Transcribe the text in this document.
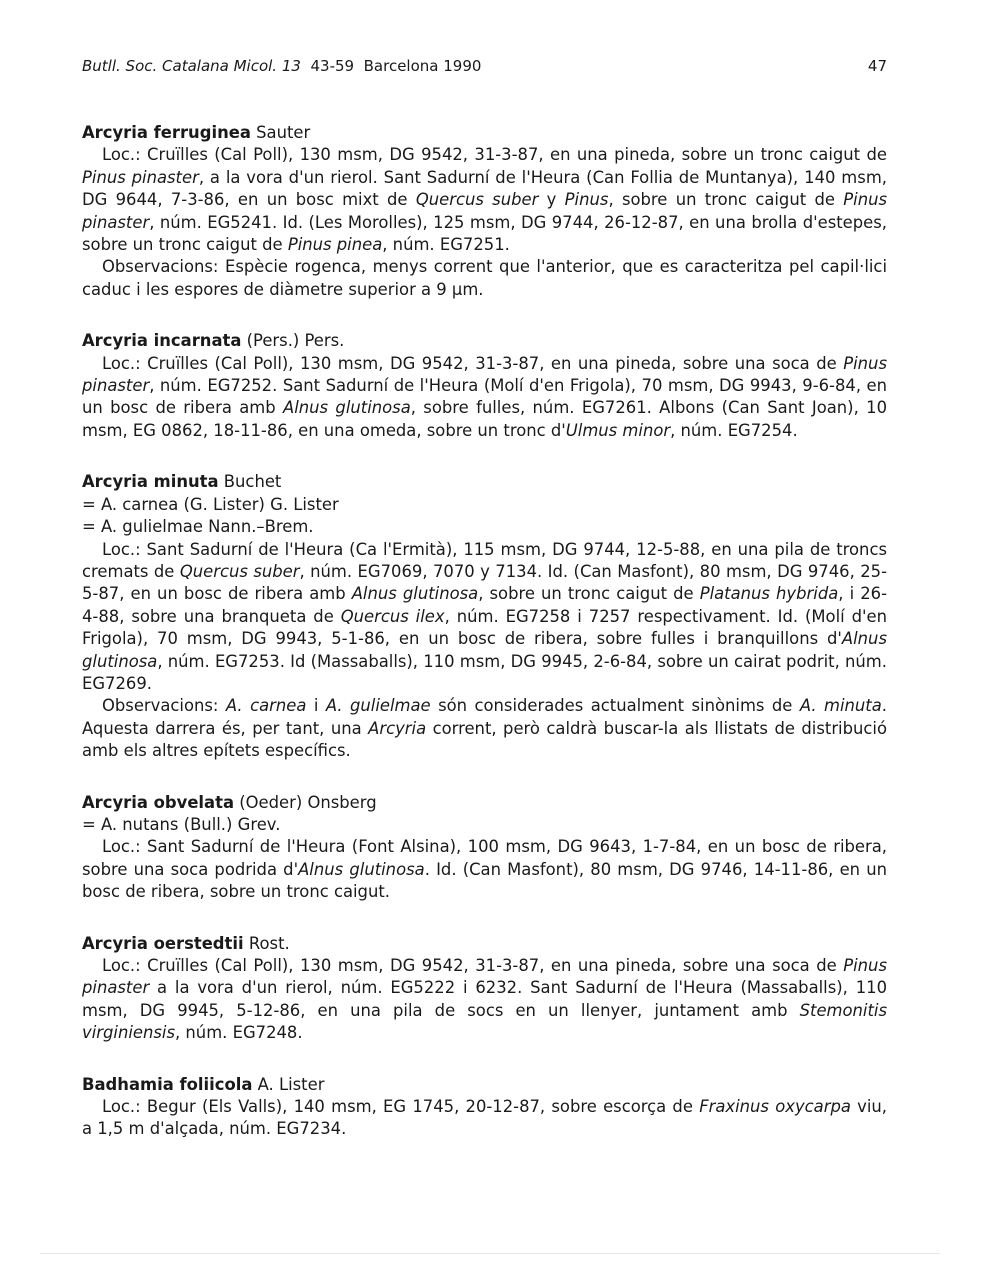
Butll. Soc. Catalana Micol. 13 43-59 Barcelona 1990	47

Arcyria ferruginea Sauter

Loc.: Cruïlles (Cal Poll), 130 msm, DG 9542, 31-3-87, en una pineda, sobre un tronc caigut de Pinus pinaster, a la vora d'un rierol. Sant Sadurní de l'Heura (Can Follia de Muntanya), 140 msm, DG 9644, 7-3-86, en un bosc mixt de Quercus suber y Pinus, sobre un tronc caigut de Pinus pinaster, núm. EG5241. Id. (Les Morolles), 125 msm, DG 9744, 26-12-87, en una brolla d'estepes, sobre un tronc caigut de Pinus pinea, núm. EG7251.

Observacions: Espècie rogenca, menys corrent que l'anterior, que es caracteritza pel capil·lici caduc i les espores de diàmetre superior a 9 μm.

Arcyria incarnata (Pers.) Pers.

Loc.: Cruïlles (Cal Poll), 130 msm, DG 9542, 31-3-87, en una pineda, sobre una soca de Pinus pinaster, núm. EG7252. Sant Sadurní de l'Heura (Molí d'en Frigola), 70 msm, DG 9943, 9-6-84, en un bosc de ribera amb Alnus glutinosa, sobre fulles, núm. EG7261. Albons (Can Sant Joan), 10 msm, EG 0862, 18-11-86, en una omeda, sobre un tronc d'Ulmus minor, núm. EG7254.

Arcyria minuta Buchet

= A. carnea (G. Lister) G. Lister

= A. gulielmae Nann.–Brem.

Loc.: Sant Sadurní de l'Heura (Ca l'Ermità), 115 msm, DG 9744, 12-5-88, en una pila de troncs cremats de Quercus suber, núm. EG7069, 7070 y 7134. Id. (Can Masfont), 80 msm, DG 9746, 25-5-87, en un bosc de ribera amb Alnus glutinosa, sobre un tronc caigut de Platanus hybrida, i 26-4-88, sobre una branqueta de Quercus ilex, núm. EG7258 i 7257 respectivament. Id. (Molí d'en Frigola), 70 msm, DG 9943, 5-1-86, en un bosc de ribera, sobre fulles i branquillons d'Alnus glutinosa, núm. EG7253. Id (Massaballs), 110 msm, DG 9945, 2-6-84, sobre un cairat podrit, núm. EG7269.

Observacions: A. carnea i A. gulielmae són considerades actualment sinònims de A. minuta. Aquesta darrera és, per tant, una Arcyria corrent, però caldrà buscar-la als llistats de distribució amb els altres epítets específics.

Arcyria obvelata (Oeder) Onsberg

= A. nutans (Bull.) Grev.

Loc.: Sant Sadurní de l'Heura (Font Alsina), 100 msm, DG 9643, 1-7-84, en un bosc de ribera, sobre una soca podrida d'Alnus glutinosa. Id. (Can Masfont), 80 msm, DG 9746, 14-11-86, en un bosc de ribera, sobre un tronc caigut.

Arcyria oerstedtii Rost.

Loc.: Cruïlles (Cal Poll), 130 msm, DG 9542, 31-3-87, en una pineda, sobre una soca de Pinus pinaster a la vora d'un rierol, núm. EG5222 i 6232. Sant Sadurní de l'Heura (Massaballs), 110 msm, DG 9945, 5-12-86, en una pila de socs en un llenyer, juntament amb Stemonitis virginiensis, núm. EG7248.

Badhamia foliicola A. Lister

Loc.: Begur (Els Valls), 140 msm, EG 1745, 20-12-87, sobre escorça de Fraxinus oxycarpa viu, a 1,5 m d'alçada, núm. EG7234.
